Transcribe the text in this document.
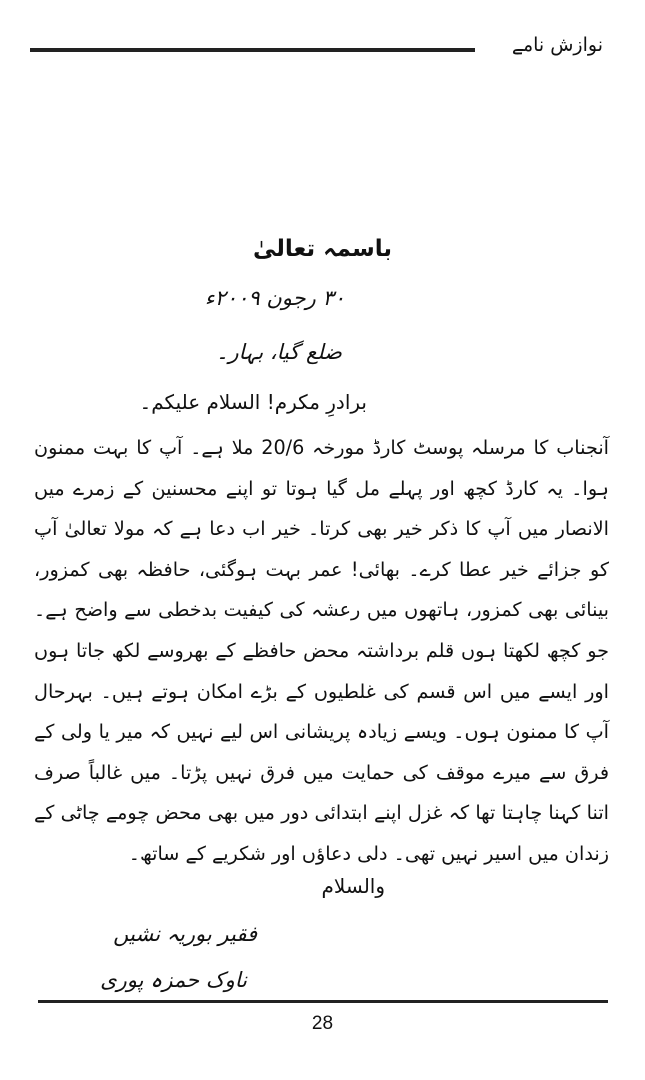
نوازش نامے
باسمہ تعالیٰ
۳۰ رجون ۲۰۰۹ء
ضلع گیا، بہار۔
برادرِ مکرم! السلام علیکم۔

آنجناب کا مرسلہ پوسٹ کارڈ مورخہ 20/6 ملا ہے۔ آپ کا بہت ممنون ہوا۔ یہ کارڈ کچھ اور پہلے مل گیا ہوتا تو اپنے محسنین کے زمرے میں الانصار میں آپ کا ذکر خیر بھی کرتا۔ خیر اب دعا ہے کہ مولا تعالیٰ آپ کو جزائے خیر عطا کرے۔ بھائی! عمر بہت ہوگئی، حافظہ بھی کمزور، بینائی بھی کمزور، ہاتھوں میں رعشہ کی کیفیت بدخطی سے واضح ہے۔ جو کچھ لکھتا ہوں قلم برداشتہ محض حافظے کے بھروسے لکھ جاتا ہوں اور ایسے میں اس قسم کی غلطیوں کے بڑے امکان ہوتے ہیں۔ بہرحال آپ کا ممنون ہوں۔ ویسے زیادہ پریشانی اس لیے نہیں کہ میر یا ولی کے فرق سے میرے موقف کی حمایت میں فرق نہیں پڑتا۔ میں غالباً صرف اتنا کہنا چاہتا تھا کہ غزل اپنے ابتدائی دور میں بھی محض چومے چاٹی کے زندان میں اسیر نہیں تھی۔ دلی دعاؤں اور شکریے کے ساتھ۔

والسلام
فقیر بوریہ نشیں
ناوک حمزہ پوری
28
